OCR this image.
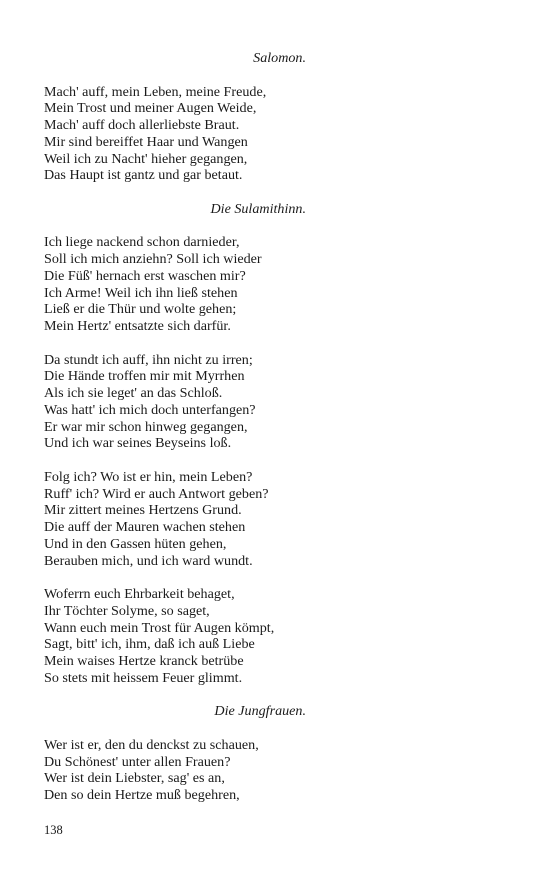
Salomon.
Mach' auff, mein Leben, meine Freude,
Mein Trost und meiner Augen Weide,
Mach' auff doch allerliebste Braut.
Mir sind bereiffet Haar und Wangen
Weil ich zu Nacht' hieher gegangen,
Das Haupt ist gantz und gar betaut.
Die Sulamithinn.
Ich liege nackend schon darnieder,
Soll ich mich anziehn? Soll ich wieder
Die Füß' hernach erst waschen mir?
Ich Arme! Weil ich ihn ließ stehen
Ließ er die Thür und wolte gehen;
Mein Hertz' entsatzte sich darfür.
Da stundt ich auff, ihn nicht zu irren;
Die Hände troffen mir mit Myrrhen
Als ich sie leget' an das Schloß.
Was hatt' ich mich doch unterfangen?
Er war mir schon hinweg gegangen,
Und ich war seines Beyseins loß.
Folg ich? Wo ist er hin, mein Leben?
Ruff' ich? Wird er auch Antwort geben?
Mir zittert meines Hertzens Grund.
Die auff der Mauren wachen stehen
Und in den Gassen hüten gehen,
Berauben mich, und ich ward wundt.
Woferrn euch Ehrbarkeit behaget,
Ihr Töchter Solyme, so saget,
Wann euch mein Trost für Augen kömpt,
Sagt, bitt' ich, ihm, daß ich auß Liebe
Mein waises Hertze kranck betrübe
So stets mit heissem Feuer glimmt.
Die Jungfrauen.
Wer ist er, den du denckst zu schauen,
Du Schönest' unter allen Frauen?
Wer ist dein Liebster, sag' es an,
Den so dein Hertze muß begehren,
138
